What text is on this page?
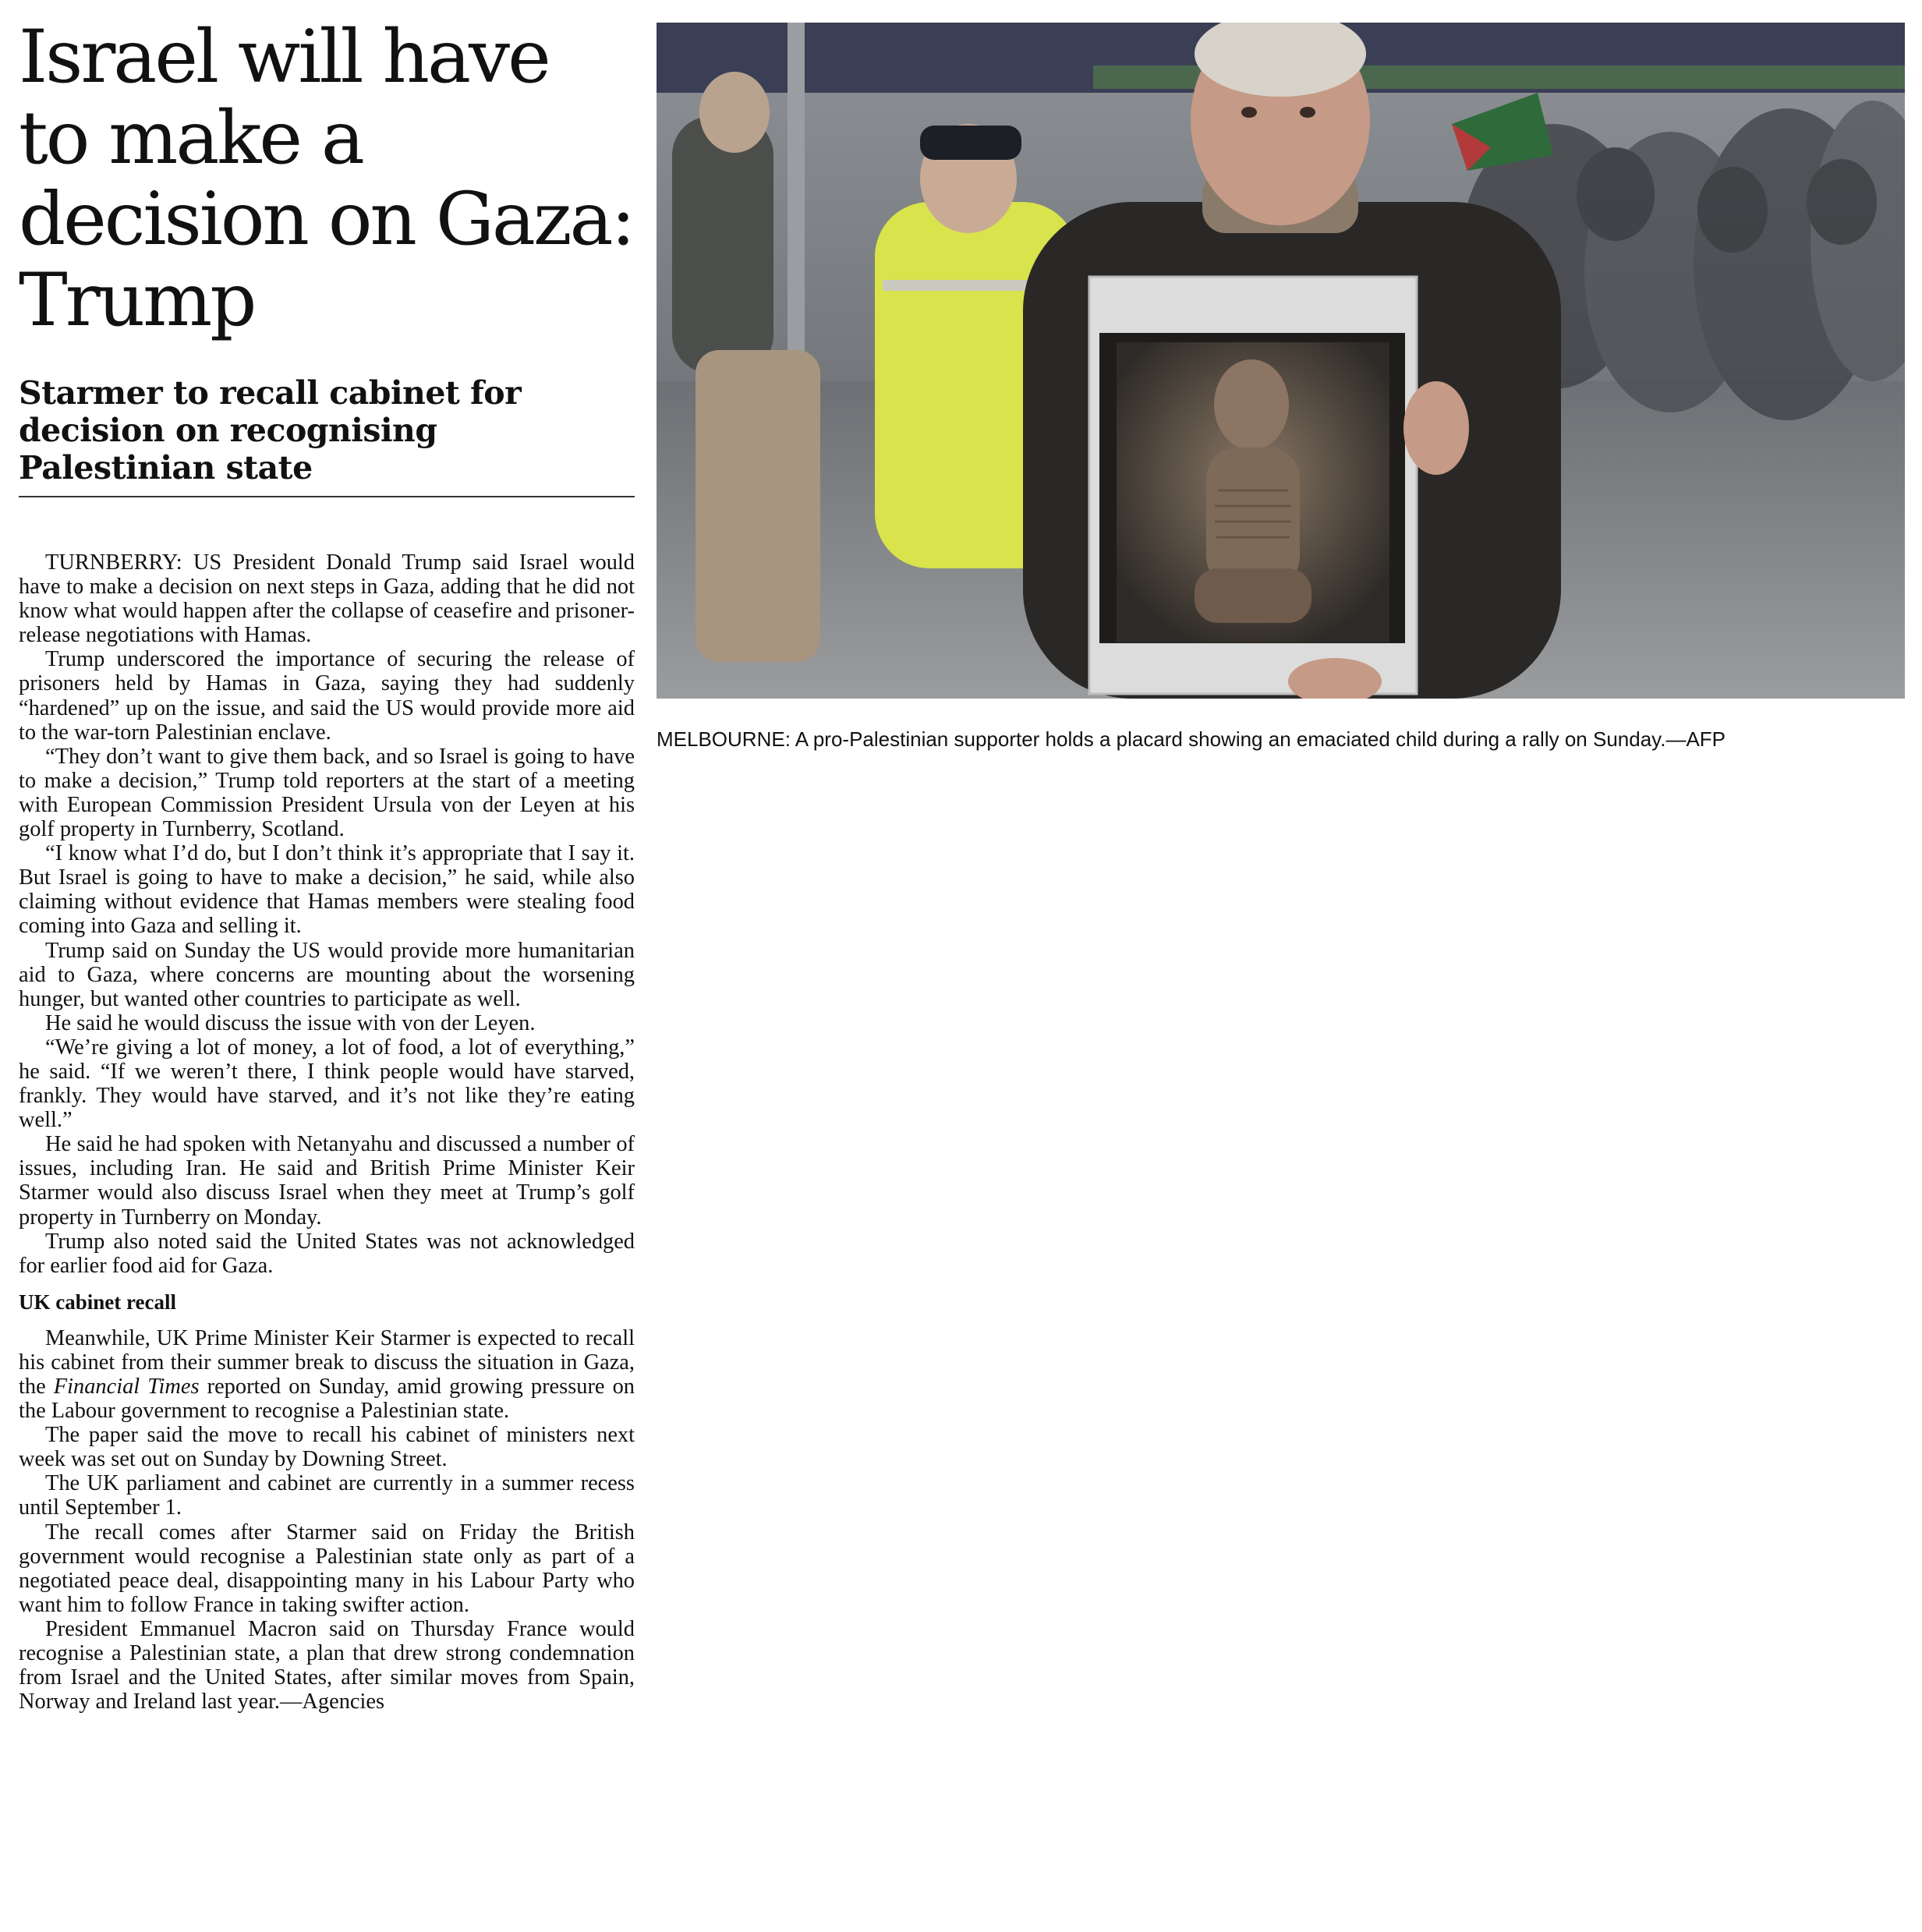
Israel will have to make a decision on Gaza: Trump
Starmer to recall cabinet for decision on recognising Palestinian state

TURNBERRY: US President Donald Trump said Israel would have to make a decision on next steps in Gaza, adding that he did not know what would happen after the collapse of ceasefire and prisoner-release negotiations with Hamas.

Trump underscored the importance of securing the release of prisoners held by Hamas in Gaza, saying they had suddenly “hardened” up on the issue, and said the US would provide more aid to the war-torn Palestinian enclave.

“They don’t want to give them back, and so Israel is going to have to make a decision,” Trump told reporters at the start of a meeting with European Commission President Ursula von der Leyen at his golf property in Turnberry, Scotland.

“I know what I’d do, but I don’t think it’s appropriate that I say it. But Israel is going to have to make a decision,” he said, while also claiming without evidence that Hamas members were stealing food coming into Gaza and selling it.

Trump said on Sunday the US would provide more humanitarian aid to Gaza, where concerns are mounting about the worsening hunger, but wanted other countries to participate as well.

He said he would discuss the issue with von der Leyen.

“We’re giving a lot of money, a lot of food, a lot of everything,” he said. “If we weren’t there, I think people would have starved, frankly. They would have starved, and it’s not like they’re eating well.”

He said he had spoken with Netanyahu and discussed a number of issues, including Iran. He said and British Prime Minister Keir Starmer would also discuss Israel when they meet at Trump’s golf property in Turnberry on Monday.

Trump also noted said the United States was not acknowledged for earlier food aid for Gaza.

UK cabinet recall

Meanwhile, UK Prime Minister Keir Starmer is expected to recall his cabinet from their summer break to discuss the situation in Gaza, the Financial Times reported on Sunday, amid growing pressure on the Labour government to recognise a Palestinian state.

The paper said the move to recall his cabinet of ministers next week was set out on Sunday by Downing Street.

The UK parliament and cabinet are currently in a summer recess until September 1.

The recall comes after Starmer said on Friday the British government would recognise a Palestinian state only as part of a negotiated peace deal, disappointing many in his Labour Party who want him to follow France in taking swifter action.

President Emmanuel Macron said on Thursday France would recognise a Palestinian state, a plan that drew strong condemnation from Israel and the United States, after similar moves from Spain, Norway and Ireland last year.—Agencies

MELBOURNE: A pro-Palestinian supporter holds a placard showing an emaciated child during a rally on Sunday.—AFP
